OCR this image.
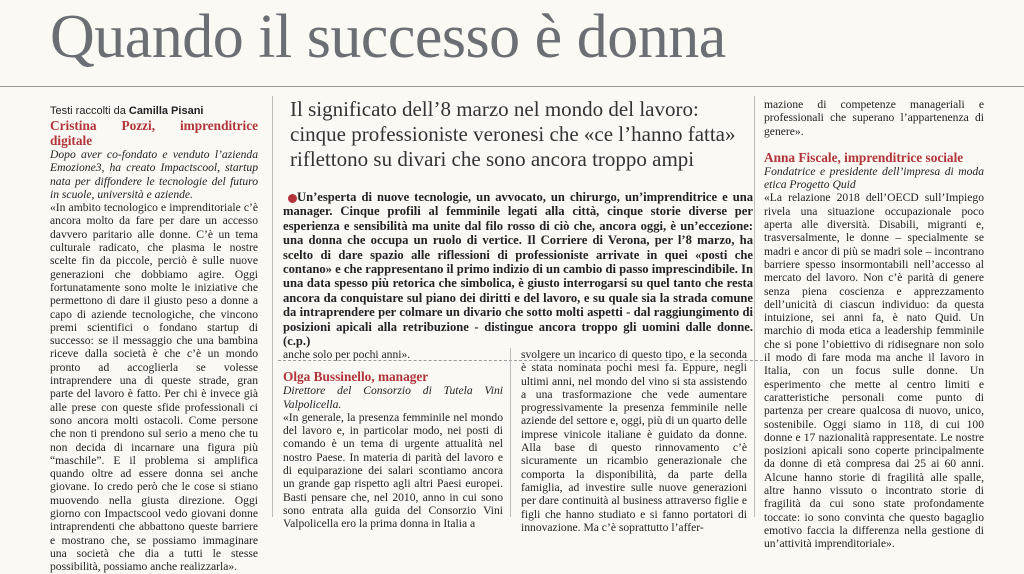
Quando il successo è donna

Testi raccolti da Camilla Pisani

Cristina Pozzi, imprenditrice digitale

Dopo aver co-fondato e venduto l’azienda Emozione3, ha creato Impactscool, startup nata per diffondere le tecnologie del futuro in scuole, università e aziende.

«In ambito tecnologico e imprenditoriale c’è ancora molto da fare per dare un accesso davvero paritario alle donne. C’è un tema culturale radicato, che plasma le nostre scelte fin da piccole, perciò è sulle nuove generazioni che dobbiamo agire. Oggi fortunatamente sono molte le iniziative che permettono di dare il giusto peso a donne a capo di aziende tecnologiche, che vincono premi scientifici o fondano startup di successo: se il messaggio che una bambina riceve dalla società è che c’è un mondo pronto ad accoglierla se volesse intraprendere una di queste strade, gran parte del lavoro è fatto. Per chi è invece già alle prese con queste sfide professionali ci sono ancora molti ostacoli. Come persone che non ti prendono sul serio a meno che tu non decida di incarnare una figura più “maschile”. E il problema si amplifica quando oltre ad essere donna sei anche giovane. Io credo però che le cose si stiano muovendo nella giusta direzione. Oggi giorno con Impactscool vedo giovani donne intraprendenti che abbattono queste barriere e mostrano che, se possiamo immaginare una società che dia a tutti le stesse possibilità, possiamo anche realizzarla».

Il significato dell’8 marzo nel mondo del lavoro: cinque professioniste veronesi che «ce l’hanno fatta» riflettono su divari che sono ancora troppo ampi

Un’esperta di nuove tecnologie, un avvocato, un chirurgo, un’imprenditrice e una manager. Cinque profili al femminile legati alla città, cinque storie diverse per esperienza e sensibilità ma unite dal filo rosso di ciò che, ancora oggi, è un’eccezione: una donna che occupa un ruolo di vertice. Il Corriere di Verona, per l’8 marzo, ha scelto di dare spazio alle riflessioni di professioniste arrivate in quei «posti che contano» e che rappresentano il primo indizio di un cambio di passo imprescindibile. In una data spesso più retorica che simbolica, è giusto interrogarsi su quel tanto che resta ancora da conquistare sul piano dei diritti e del lavoro, e su quale sia la strada comune da intraprendere per colmare un divario che sotto molti aspetti - dal raggiungimento di posizioni apicali alla retribuzione - distingue ancora troppo gli uomini dalle donne. (c.p.)

anche solo per pochi anni».

Olga Bussinello, manager

Direttore del Consorzio di Tutela Vini Valpolicella.

«In generale, la presenza femminile nel mondo del lavoro e, in particolar modo, nei posti di comando è un tema di urgente attualità nel nostro Paese. In materia di parità del lavoro e di equiparazione dei salari scontiamo ancora un grande gap rispetto agli altri Paesi europei. Basti pensare che, nel 2010, anno in cui sono sono entrata alla guida del Consorzio Vini Valpolicella ero la prima donna in Italia a

svolgere un incarico di questo tipo, e la seconda è stata nominata pochi mesi fa. Eppure, negli ultimi anni, nel mondo del vino si sta assistendo a una trasformazione che vede aumentare progressivamente la presenza femminile nelle aziende del settore e, oggi, più di un quarto delle imprese vinicole italiane è guidato da donne. Alla base di questo rinnovamento c’è sicuramente un ricambio generazionale che comporta la disponibilità, da parte della famiglia, ad investire sulle nuove generazioni per dare continuità al business attraverso figlie e figli che hanno studiato e si fanno portatori di innovazione. Ma c’è soprattutto l’affer-

mazione di competenze manageriali e professionali che superano l’appartenenza di genere».

Anna Fiscale, imprenditrice sociale

Fondatrice e presidente dell’impresa di moda etica Progetto Quid

«La relazione 2018 dell’OECD sull’Impiego rivela una situazione occupazionale poco aperta alle diversità. Disabili, migranti e, trasversalmente, le donne – specialmente se madri e ancor di più se madri sole – incontrano barriere spesso insormontabili nell’accesso al mercato del lavoro. Non c’è parità di genere senza piena coscienza e apprezzamento dell’unicità di ciascun individuo: da questa intuizione, sei anni fa, è nato Quid. Un marchio di moda etica a leadership femminile che si pone l’obiettivo di ridisegnare non solo il modo di fare moda ma anche il lavoro in Italia, con un focus sulle donne. Un esperimento che mette al centro limiti e caratteristiche personali come punto di partenza per creare qualcosa di nuovo, unico, sostenibile. Oggi siamo in 118, di cui 100 donne e 17 nazionalità rappresentate. Le nostre posizioni apicali sono coperte principalmente da donne di età compresa dai 25 ai 60 anni. Alcune hanno storie di fragilità alle spalle, altre hanno vissuto o incontrato storie di fragilità da cui sono state profondamente toccate: io sono convinta che questo bagaglio emotivo faccia la differenza nella gestione di un’attività imprenditoriale».
